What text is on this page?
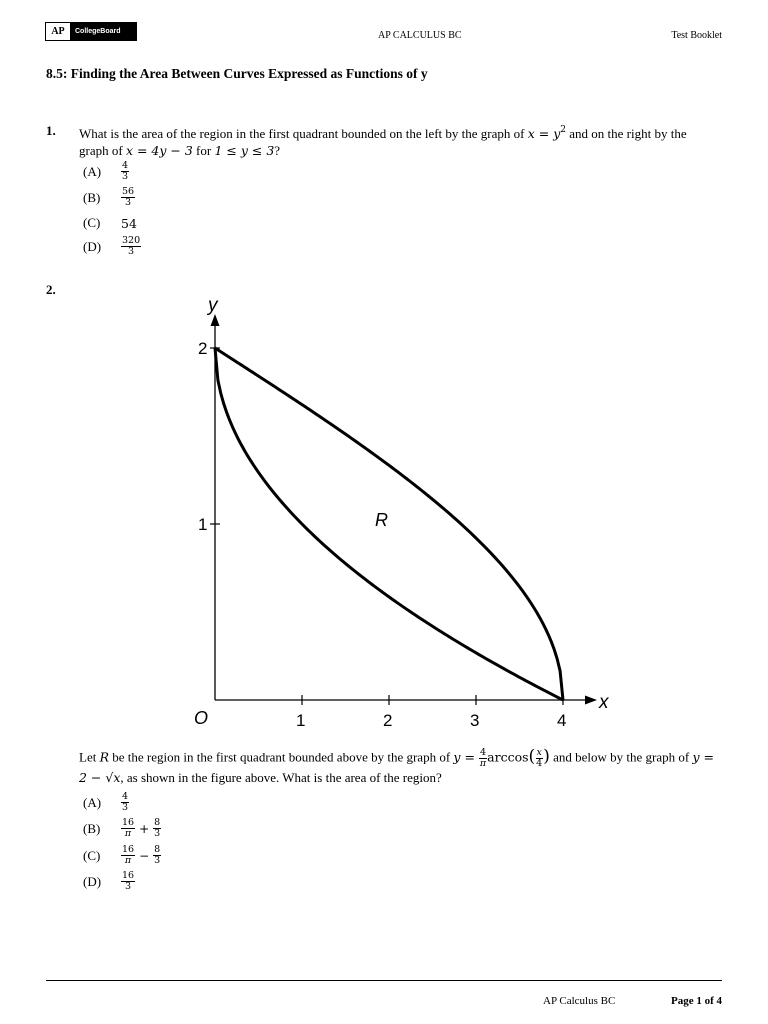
AP	CollegeBoard	AP CALCULUS BC	Test Booklet
8.5: Finding the Area Between Curves Expressed as Functions of y
1. What is the area of the region in the first quadrant bounded on the left by the graph of $x = y^2$ and on the right by the graph of x = 4y − 3 for 1 ≤ y ≤ 3?
(A)	$\frac{4}{3}$
(B)	$\frac{56}{3}$
(C)	54
(D)	$\frac{320}{3}$
2.
y
x
O	1	2	3	4
1
2
R
Let R be the region in the first quadrant bounded above by the graph of $y = \frac{4}{\pi} \arccos( \frac{x}{4}$ ) and below by the graph of y = 2 − √x, as shown in the figure above. What is the area of the region?
(A)	$\frac{4}{3}$
(B)	$\frac{16}{\pi} + \frac{8}{3}$
(C)	$\frac{16}{\pi} - \frac{8}{3}$
(D)	$\frac{16}{3}$
AP Calculus BC	Page 1 of 4
